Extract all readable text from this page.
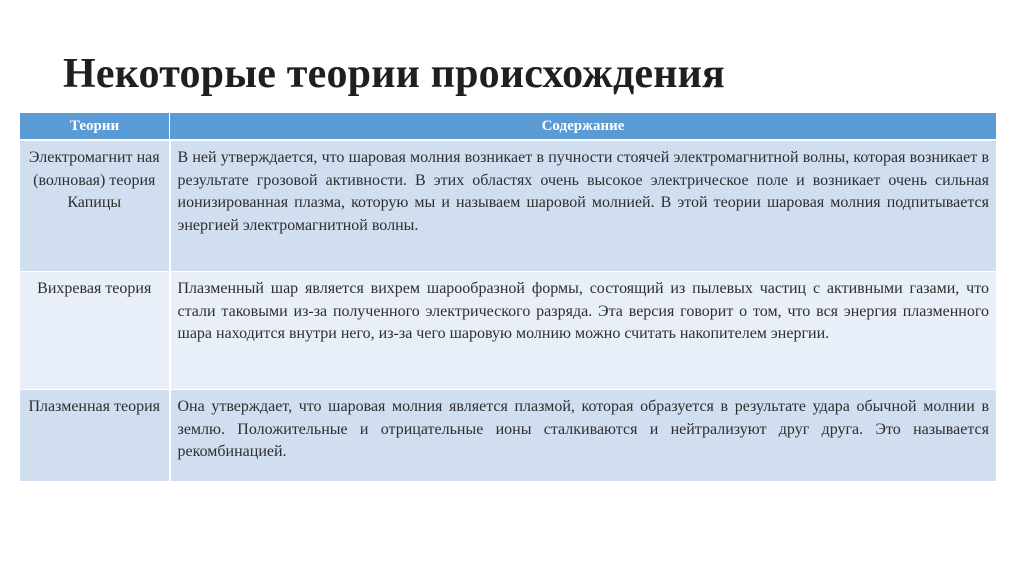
Некоторые теории происхождения
Теории	Содержание
Электромагнит ная (волновая) теория Капицы	В ней утверждается, что шаровая молния возникает в пучности стоячей электромагнитной волны, которая возникает в результате грозовой активности. В этих областях очень высокое электрическое поле и возникает очень сильная ионизированная плазма, которую мы и называем шаровой молнией. В этой теории шаровая молния подпитывается энергией электромагнитной волны.
Вихревая теория	Плазменный шар является вихрем шарообразной формы, состоящий из пылевых частиц с активными газами, что стали таковыми из-за полученного электрического разряда. Эта версия говорит о том, что вся энергия плазменного шара находится внутри него, из-за чего шаровую молнию можно считать накопителем энергии.
Плазменная теория	Она утверждает, что шаровая молния является плазмой, которая образуется в результате удара обычной молнии в землю. Положительные и отрицательные ионы сталкиваются и нейтрализуют друг друга. Это называется рекомбинацией.
